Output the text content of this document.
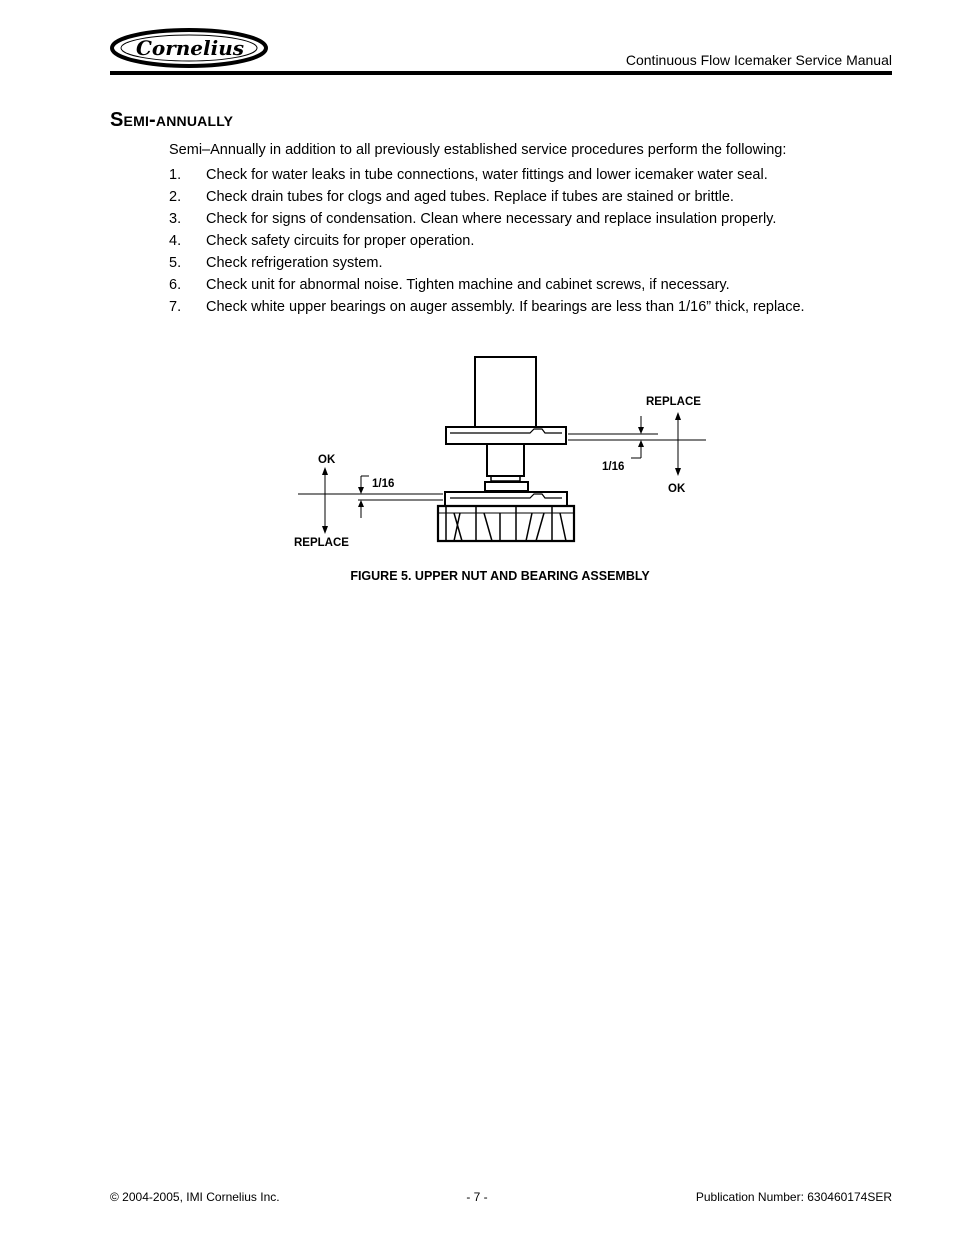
Cornelius	Continuous Flow Icemaker Service Manual
Semi-annually
Semi–Annually in addition to all previously established service procedures perform the following:
1. Check for water leaks in tube connections, water fittings and lower icemaker water seal.
2. Check drain tubes for clogs and aged tubes. Replace if tubes are stained or brittle.
3. Check for signs of condensation. Clean where necessary and replace insulation properly.
4. Check safety circuits for proper operation.
5. Check refrigeration system.
6. Check unit for abnormal noise. Tighten machine and cabinet screws, if necessary.
7. Check white upper bearings on auger assembly. If bearings are less than 1/16” thick, replace.
REPLACE
OK
1/16
OK
1/16
REPLACE
FIGURE 5. UPPER NUT AND BEARING ASSEMBLY
© 2004-2005, IMI Cornelius Inc.	- 7 -	Publication Number: 630460174SER
